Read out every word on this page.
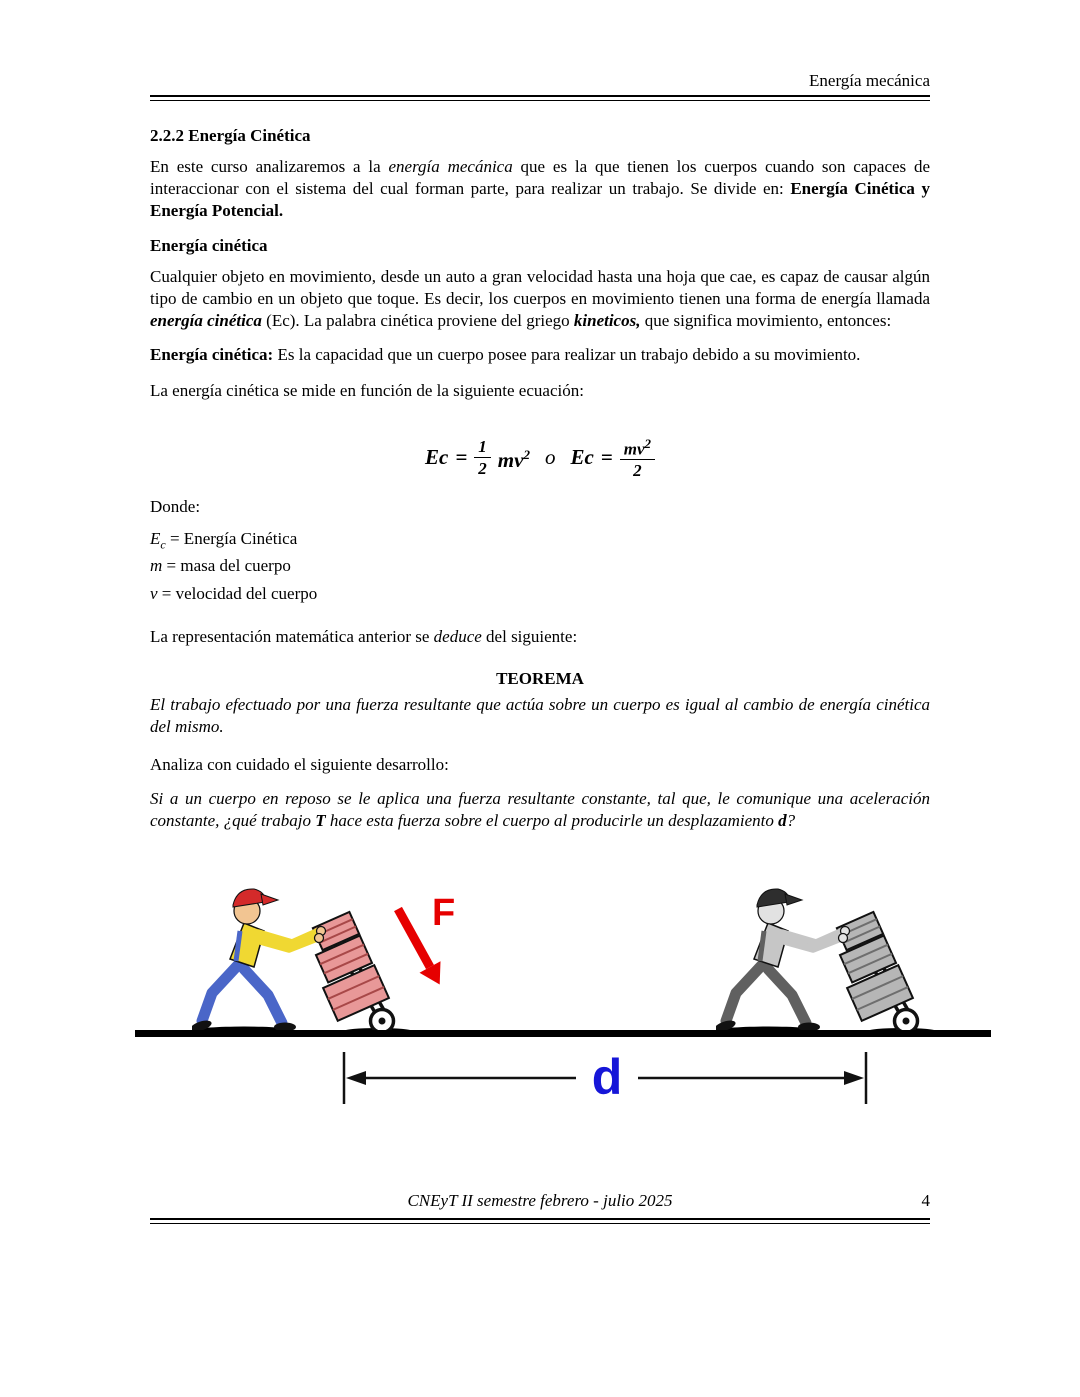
Energía mecánica

2.2.2 Energía Cinética

En este curso analizaremos a la energía mecánica que es la que tienen los cuerpos cuando son capaces de interaccionar con el sistema del cual forman parte, para realizar un trabajo. Se divide en: Energía Cinética y Energía Potencial.

Energía cinética

Cualquier objeto en movimiento, desde un auto a gran velocidad hasta una hoja que cae, es capaz de causar algún tipo de cambio en un objeto que toque. Es decir, los cuerpos en movimiento tienen una forma de energía llamada energía cinética (Ec). La palabra cinética proviene del griego kineticos, que significa movimiento, entonces:

Energía cinética: Es la capacidad que un cuerpo posee para realizar un trabajo debido a su movimiento.

La energía cinética se mide en función de la siguiente ecuación:

$Ec = \frac{1}{2} mv^2$ o $Ec = \frac{mv^2}{2}$

Donde:

$E_c$ = Energía Cinética
m = masa del cuerpo
v = velocidad del cuerpo

La representación matemática anterior se deduce del siguiente:

TEOREMA

El trabajo efectuado por una fuerza resultante que actúa sobre un cuerpo es igual al cambio de energía cinética del mismo.

Analiza con cuidado el siguiente desarrollo:

Si a un cuerpo en reposo se le aplica una fuerza resultante constante, tal que, le comunique una aceleración constante, ¿qué trabajo T hace esta fuerza sobre el cuerpo al producirle un desplazamiento d?

F
d
CNEyT II semestre febrero - julio 2025	4
